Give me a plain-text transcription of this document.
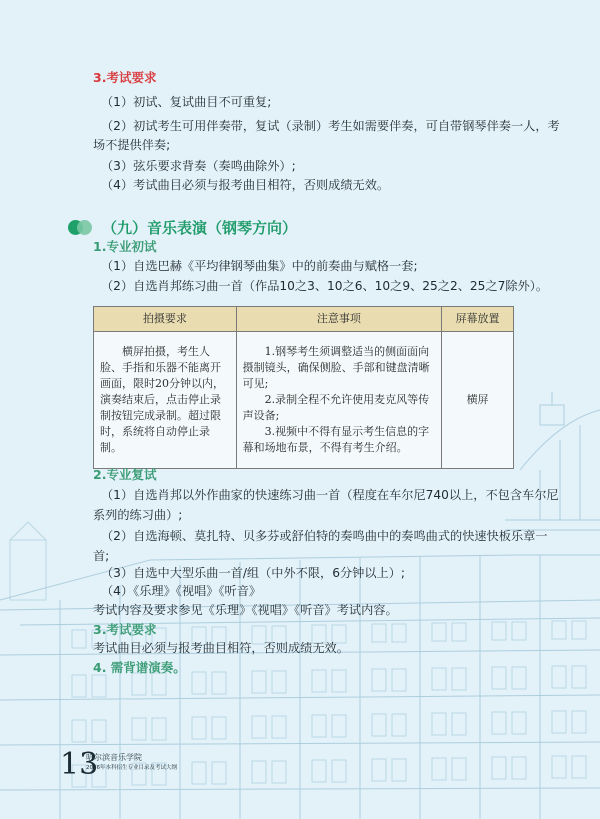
3.考试要求
（1）初试、复试曲目不可重复;
（2）初试考生可用伴奏带，复试（录制）考生如需要伴奏，可自带钢琴伴奏一人，考
场不提供伴奏;
（3）弦乐要求背奏（奏鸣曲除外）;
（4）考试曲目必须与报考曲目相符，否则成绩无效。
（九）音乐表演（钢琴方向）
1.专业初试
（1）自选巴赫《平均律钢琴曲集》中的前奏曲与赋格一套;
（2）自选肖邦练习曲一首（作品10之3、10之6、10之9、25之2、25之7除外）。
拍摄要求	注意事项	屏幕放置
横屏拍摄，考生人脸、手指和乐器不能离开画面，限时20分钟以内，演奏结束后，点击停止录制按钮完成录制。超过限时，系统将自动停止录制。	1.钢琴考生须调整适当的侧面面向摄制镜头，确保侧脸、手部和键盘清晰可见;
2.录制全程不允许使用麦克风等传声设备;
3.视频中不得有显示考生信息的字幕和场地布景，不得有考生介绍。	横屏
2.专业复试
（1）自选肖邦以外作曲家的快速练习曲一首（程度在车尔尼740以上，不包含车尔尼
系列的练习曲）;
（2）自选海顿、莫扎特、贝多芬或舒伯特的奏鸣曲中的奏鸣曲式的快速快板乐章一
首;
（3）自选中大型乐曲一首/组（中外不限，6分钟以上）;
（4）《乐理》《视唱》《听音》
考试内容及要求参见《乐理》《视唱》《听音》考试内容。
3.考试要求
考试曲目必须与报考曲目相符，否则成绩无效。
4. 需背谱演奏。
13
哈尔滨音乐学院
2026年本科招生专业目录及考试大纲
